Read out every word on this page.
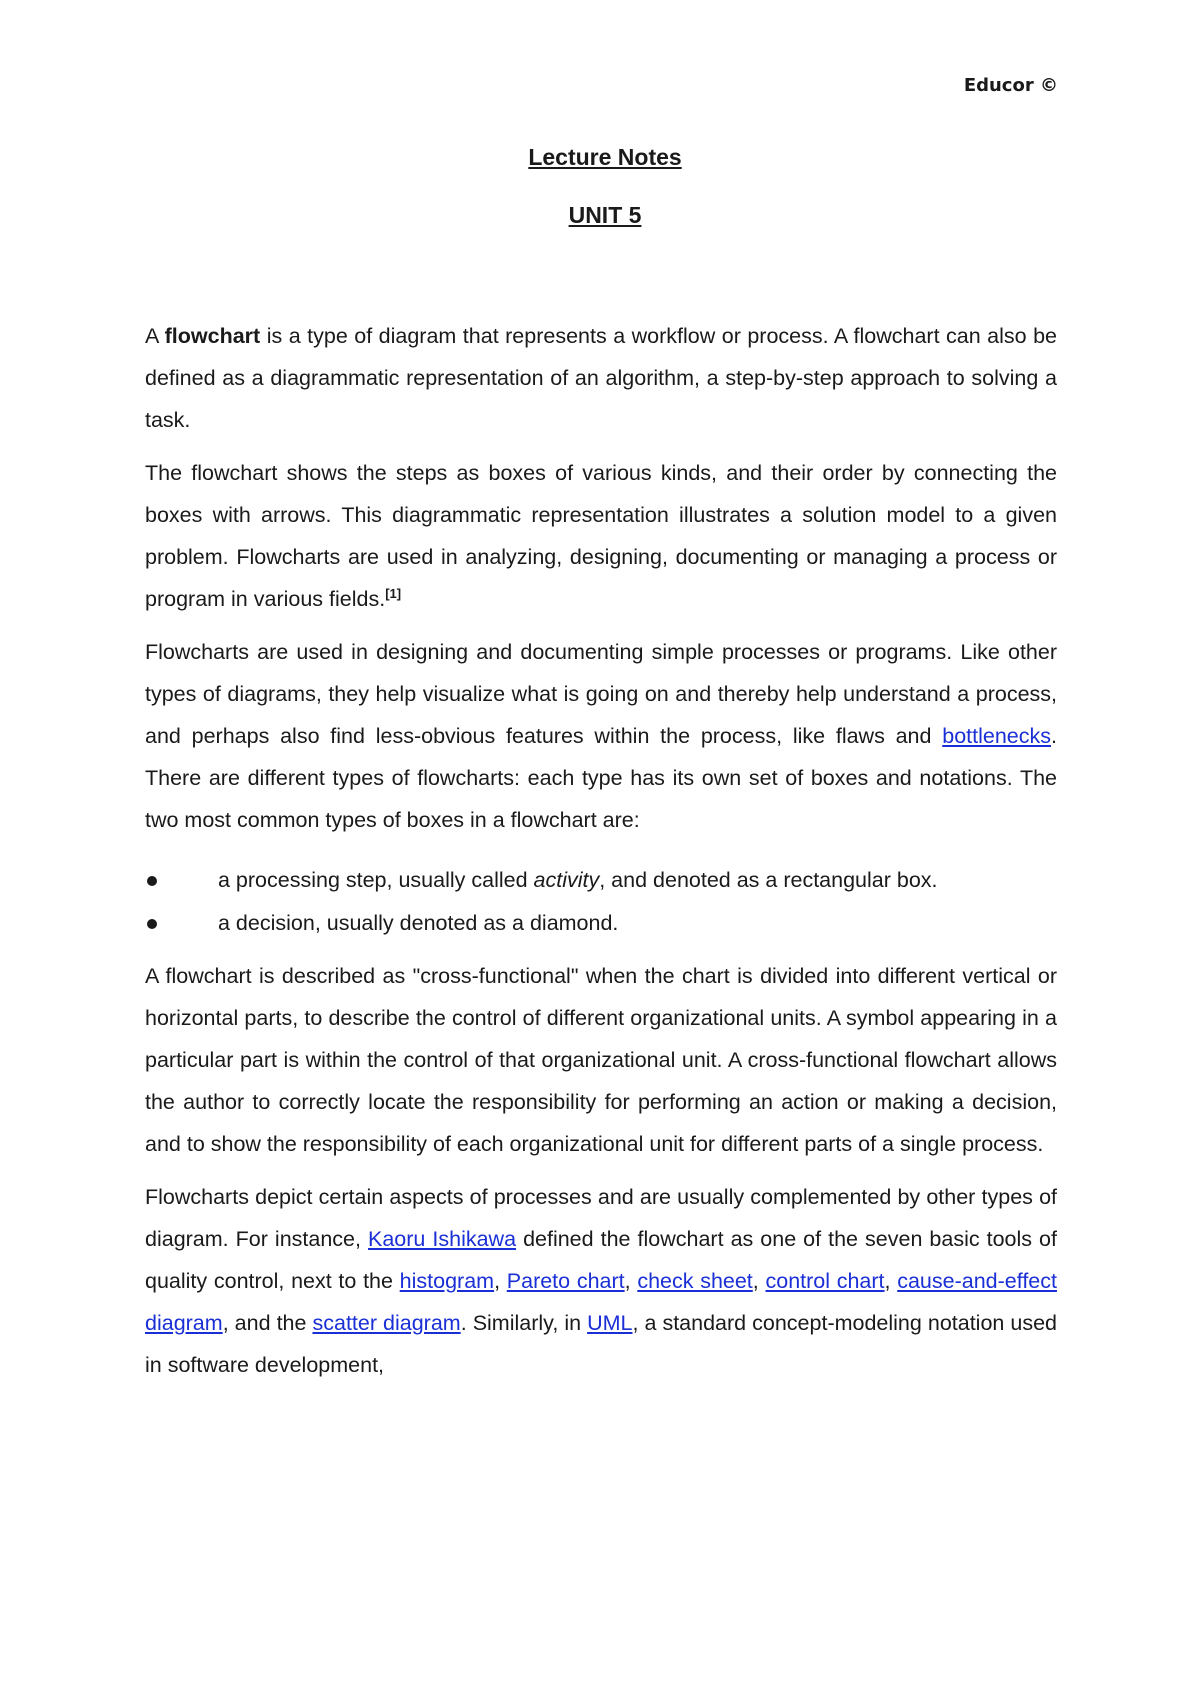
Educor ©
Lecture Notes
UNIT 5

A flowchart is a type of diagram that represents a workflow or process. A flowchart can also be defined as a diagrammatic representation of an algorithm, a step-by-step approach to solving a task.

The flowchart shows the steps as boxes of various kinds, and their order by connecting the boxes with arrows. This diagrammatic representation illustrates a solution model to a given problem. Flowcharts are used in analyzing, designing, documenting or managing a process or program in various fields.[1]

Flowcharts are used in designing and documenting simple processes or programs. Like other types of diagrams, they help visualize what is going on and thereby help understand a process, and perhaps also find less-obvious features within the process, like flaws and bottlenecks. There are different types of flowcharts: each type has its own set of boxes and notations. The two most common types of boxes in a flowchart are:

a processing step, usually called activity, and denoted as a rectangular box.
a decision, usually denoted as a diamond.

A flowchart is described as "cross-functional" when the chart is divided into different vertical or horizontal parts, to describe the control of different organizational units. A symbol appearing in a particular part is within the control of that organizational unit. A cross-functional flowchart allows the author to correctly locate the responsibility for performing an action or making a decision, and to show the responsibility of each organizational unit for different parts of a single process.

Flowcharts depict certain aspects of processes and are usually complemented by other types of diagram. For instance, Kaoru Ishikawa defined the flowchart as one of the seven basic tools of quality control, next to the histogram, Pareto chart, check sheet, control chart, cause-and-effect diagram, and the scatter diagram. Similarly, in UML, a standard concept-modeling notation used in software development,
